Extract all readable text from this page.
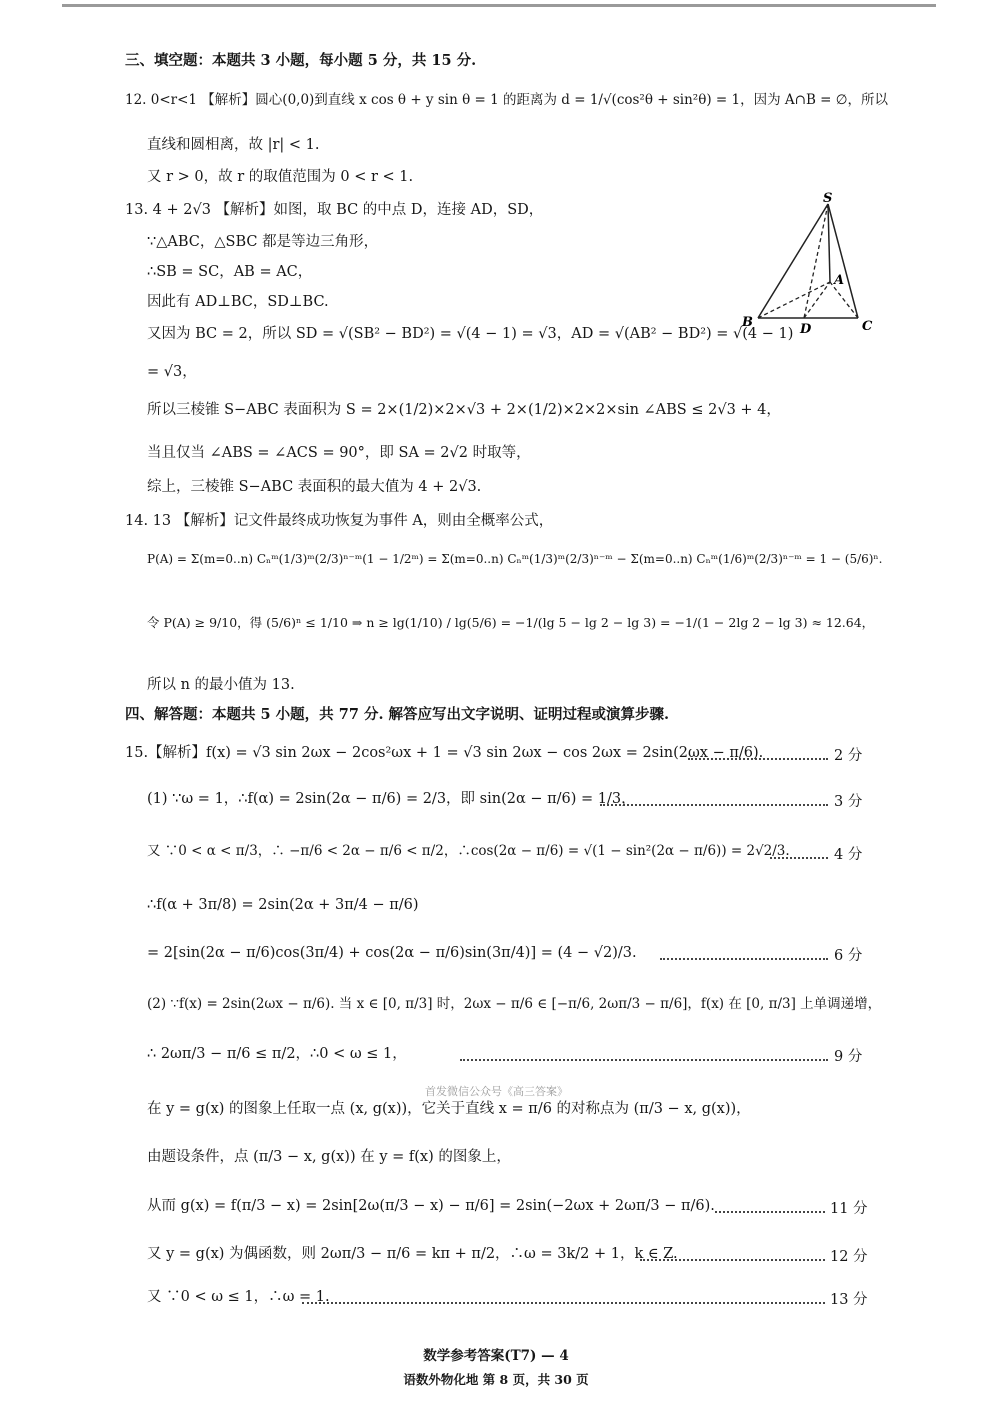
三、填空题：本题共 3 小题，每小题 5 分，共 15 分.
12. 0<r<1 【解析】圆心(0,0)到直线 x cos θ + y sin θ = 1 的距离为 d = 1/√(cos²θ + sin²θ) = 1，因为 A∩B = ∅，所以
直线和圆相离，故 |r| < 1.
又 r > 0，故 r 的取值范围为 0 < r < 1.
13. 4 + 2√3 【解析】如图，取 BC 的中点 D，连接 AD，SD，
∵△ABC，△SBC 都是等边三角形，
∴SB = SC，AB = AC，
因此有 AD⊥BC，SD⊥BC.
又因为 BC = 2，所以 SD = √(SB² − BD²) = √(4 − 1) = √3，AD = √(AB² − BD²) = √(4 − 1)
= √3，
所以三棱锥 S−ABC 表面积为 S = 2×(1/2)×2×√3 + 2×(1/2)×2×2×sin ∠ABS ≤ 2√3 + 4，
当且仅当 ∠ABS = ∠ACS = 90°，即 SA = 2√2 时取等，
综上，三棱锥 S−ABC 表面积的最大值为 4 + 2√3.
S
A
B	C
D
14. 13 【解析】记文件最终成功恢复为事件 A，则由全概率公式，
P(A) = Σ(m=0..n) Cₙᵐ(1/3)ᵐ(2/3)ⁿ⁻ᵐ(1 − 1/2ᵐ) = Σ(m=0..n) Cₙᵐ(1/3)ᵐ(2/3)ⁿ⁻ᵐ − Σ(m=0..n) Cₙᵐ(1/6)ᵐ(2/3)ⁿ⁻ᵐ = 1 − (5/6)ⁿ.
令 P(A) ≥ 9/10，得 (5/6)ⁿ ≤ 1/10 ⇒ n ≥ lg(1/10) / lg(5/6) = −1/(lg 5 − lg 2 − lg 3) = −1/(1 − 2lg 2 − lg 3) ≈ 12.64，
所以 n 的最小值为 13.
四、解答题：本题共 5 小题，共 77 分. 解答应写出文字说明、证明过程或演算步骤.
15.【解析】f(x) = √3 sin 2ωx − 2cos²ωx + 1 = √3 sin 2ωx − cos 2ωx = 2sin(2ωx − π/6).	2 分
(1) ∵ω = 1，∴f(α) = 2sin(2α − π/6) = 2/3，即 sin(2α − π/6) = 1/3，	3 分
又 ∵0 < α < π/3，∴ −π/6 < 2α − π/6 < π/2，∴cos(2α − π/6) = √(1 − sin²(2α − π/6)) = 2√2/3.	4 分
∴f(α + 3π/8) = 2sin(2α + 3π/4 − π/6)
= 2[sin(2α − π/6)cos(3π/4) + cos(2α − π/6)sin(3π/4)] = (4 − √2)/3.	6 分
(2) ∵f(x) = 2sin(2ωx − π/6). 当 x ∈ [0, π/3] 时，2ωx − π/6 ∈ [−π/6, 2ωπ/3 − π/6]，f(x) 在 [0, π/3] 上单调递增，
∴ 2ωπ/3 − π/6 ≤ π/2，∴0 < ω ≤ 1，	9 分
首发微信公众号《高三答案》
在 y = g(x) 的图象上任取一点 (x, g(x))，它关于直线 x = π/6 的对称点为 (π/3 − x, g(x))，
由题设条件，点 (π/3 − x, g(x)) 在 y = f(x) 的图象上，
从而 g(x) = f(π/3 − x) = 2sin[2ω(π/3 − x) − π/6] = 2sin(−2ωx + 2ωπ/3 − π/6).	11 分
又 y = g(x) 为偶函数，则 2ωπ/3 − π/6 = kπ + π/2，∴ω = 3k/2 + 1，k ∈ Z.	12 分
又 ∵0 < ω ≤ 1，∴ω = 1.	13 分
数学参考答案(T7) — 4
语数外物化地 第 8 页，共 30 页
